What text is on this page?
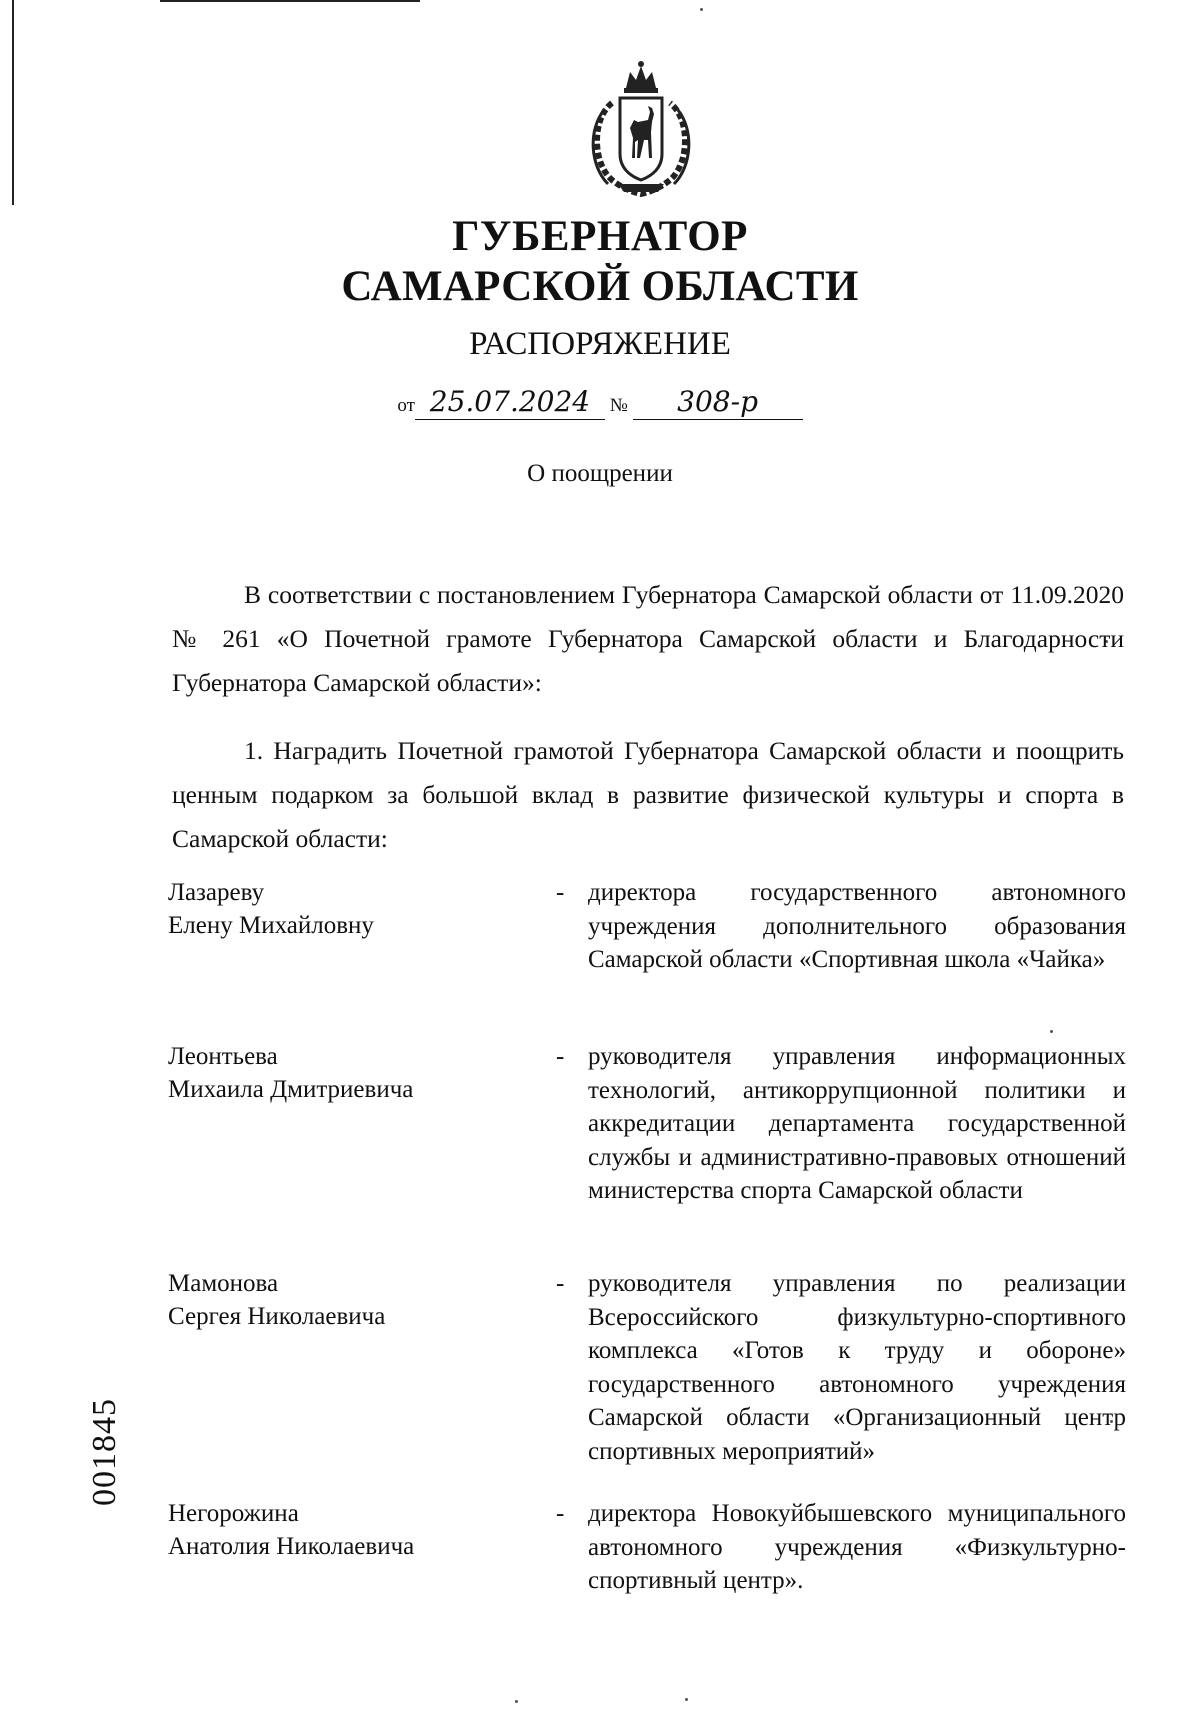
ГУБЕРНАТОР
САМАРСКОЙ ОБЛАСТИ
РАСПОРЯЖЕНИЕ
от 25.07.2024 № 308-р
О поощрении
В соответствии с постановлением Губернатора Самарской области от 11.09.2020 № 261 «О Почетной грамоте Губернатора Самарской области и Благодарности Губернатора Самарской области»:
1. Наградить Почетной грамотой Губернатора Самарской области и поощрить ценным подарком за большой вклад в развитие физической культуры и спорта в Самарской области:
Лазареву
Елену Михайловну
- директора государственного автономного учреждения дополнительного образования Самарской области «Спортивная школа «Чайка»
Леонтьева
Михаила Дмитриевича
- руководителя управления информационных технологий, антикоррупционной политики и аккредитации департамента государственной службы и административно-правовых отношений министерства спорта Самарской области
Мамонова
Сергея Николаевича
- руководителя управления по реализации Всероссийского физкультурно-спортивного комплекса «Готов к труду и обороне» государственного автономного учреждения Самарской области «Организационный центр спортивных мероприятий»
Негорожина
Анатолия Николаевича
- директора Новокуйбышевского муниципального автономного учреждения «Физкультурно-спортивный центр».
001845
